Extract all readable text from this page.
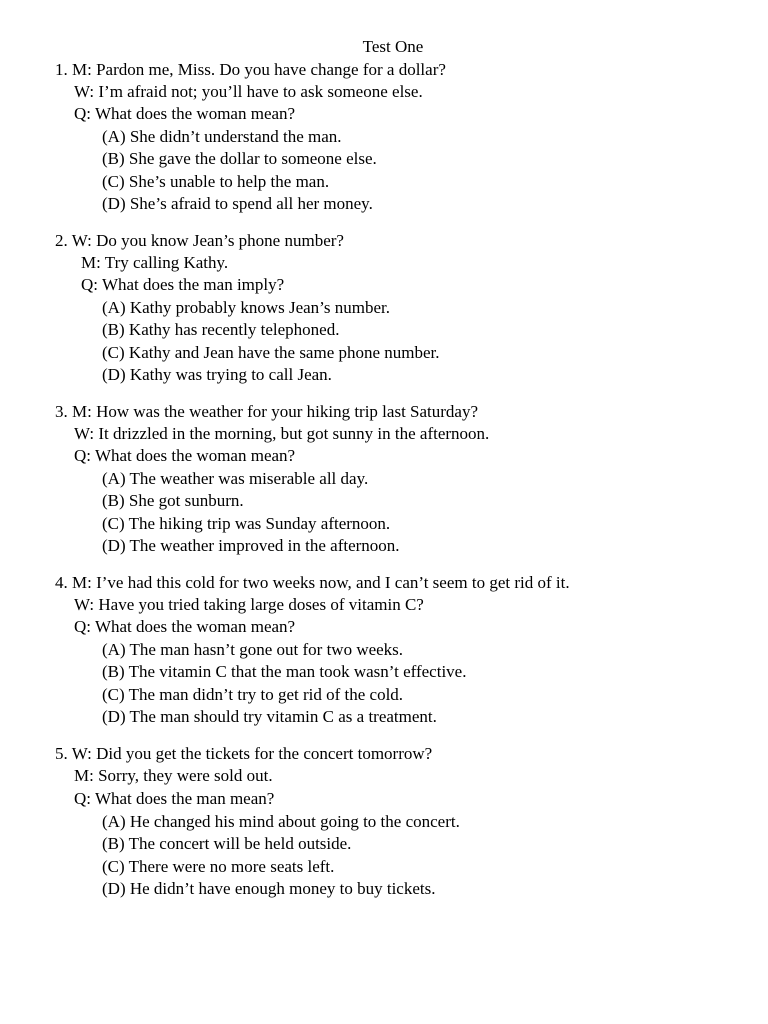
Test One
1. M: Pardon me, Miss. Do you have change for a dollar?
W: I’m afraid not; you’ll have to ask someone else.
Q: What does the woman mean?
(A) She didn’t understand the man.
(B) She gave the dollar to someone else.
(C) She’s unable to help the man.
(D) She’s afraid to spend all her money.
2. W: Do you know Jean’s phone number?
M: Try calling Kathy.
Q: What does the man imply?
(A) Kathy probably knows Jean’s number.
(B) Kathy has recently telephoned.
(C) Kathy and Jean have the same phone number.
(D) Kathy was trying to call Jean.
3. M: How was the weather for your hiking trip last Saturday?
W: It drizzled in the morning, but got sunny in the afternoon.
Q: What does the woman mean?
(A) The weather was miserable all day.
(B) She got sunburn.
(C) The hiking trip was Sunday afternoon.
(D) The weather improved in the afternoon.
4. M: I’ve had this cold for two weeks now, and I can’t seem to get rid of it.
W: Have you tried taking large doses of vitamin C?
Q: What does the woman mean?
(A) The man hasn’t gone out for two weeks.
(B) The vitamin C that the man took wasn’t effective.
(C) The man didn’t try to get rid of the cold.
(D) The man should try vitamin C as a treatment.
5. W: Did you get the tickets for the concert tomorrow?
M: Sorry, they were sold out.
Q: What does the man mean?
(A) He changed his mind about going to the concert.
(B) The concert will be held outside.
(C) There were no more seats left.
(D) He didn’t have enough money to buy tickets.
